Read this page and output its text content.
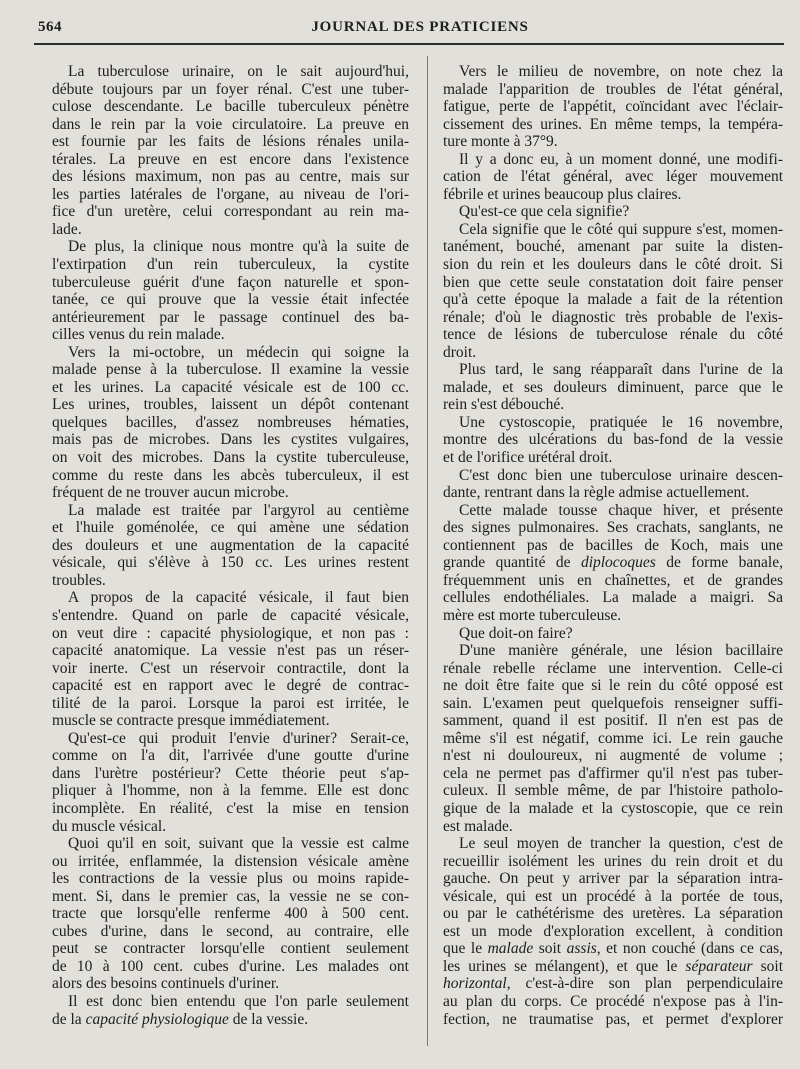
564	JOURNAL DES PRATICIENS
La tuberculose urinaire, on le sait aujourd'hui,
débute toujours par un foyer rénal. C'est une tuber-
culose descendante. Le bacille tuberculeux pénètre
dans le rein par la voie circulatoire. La preuve en
est fournie par les faits de lésions rénales unila-
térales. La preuve en est encore dans l'existence
des lésions maximum, non pas au centre, mais sur
les parties latérales de l'organe, au niveau de l'ori-
fice d'un uretère, celui correspondant au rein ma-
lade.
De plus, la clinique nous montre qu'à la suite de
l'extirpation d'un rein tuberculeux, la cystite
tuberculeuse guérit d'une façon naturelle et spon-
tanée, ce qui prouve que la vessie était infectée
antérieurement par le passage continuel des ba-
cilles venus du rein malade.
Vers la mi-octobre, un médecin qui soigne la
malade pense à la tuberculose. Il examine la vessie
et les urines. La capacité vésicale est de 100 cc.
Les urines, troubles, laissent un dépôt contenant
quelques bacilles, d'assez nombreuses hématies,
mais pas de microbes. Dans les cystites vulgaires,
on voit des microbes. Dans la cystite tuberculeuse,
comme du reste dans les abcès tuberculeux, il est
fréquent de ne trouver aucun microbe.
La malade est traitée par l'argyrol au centième
et l'huile goménolée, ce qui amène une sédation
des douleurs et une augmentation de la capacité
vésicale, qui s'élève à 150 cc. Les urines restent
troubles.
A propos de la capacité vésicale, il faut bien
s'entendre. Quand on parle de capacité vésicale,
on veut dire : capacité physiologique, et non pas :
capacité anatomique. La vessie n'est pas un réser-
voir inerte. C'est un réservoir contractile, dont la
capacité est en rapport avec le degré de contrac-
tilité de la paroi. Lorsque la paroi est irritée, le
muscle se contracte presque immédiatement.
Qu'est-ce qui produit l'envie d'uriner? Serait-ce,
comme on l'a dit, l'arrivée d'une goutte d'urine
dans l'urètre postérieur? Cette théorie peut s'ap-
pliquer à l'homme, non à la femme. Elle est donc
incomplète. En réalité, c'est la mise en tension
du muscle vésical.
Quoi qu'il en soit, suivant que la vessie est calme
ou irritée, enflammée, la distension vésicale amène
les contractions de la vessie plus ou moins rapide-
ment. Si, dans le premier cas, la vessie ne se con-
tracte que lorsqu'elle renferme 400 à 500 cent.
cubes d'urine, dans le second, au contraire, elle
peut se contracter lorsqu'elle contient seulement
de 10 à 100 cent. cubes d'urine. Les malades ont
alors des besoins continuels d'uriner.
Il est donc bien entendu que l'on parle seulement
de la capacité physiologique de la vessie.
Vers le milieu de novembre, on note chez la
malade l'apparition de troubles de l'état général,
fatigue, perte de l'appétit, coïncidant avec l'éclair-
cissement des urines. En même temps, la tempéra-
ture monte à 37°9.
Il y a donc eu, à un moment donné, une modifi-
cation de l'état général, avec léger mouvement
fébrile et urines beaucoup plus claires.
Qu'est-ce que cela signifie?
Cela signifie que le côté qui suppure s'est, momen-
tanément, bouché, amenant par suite la disten-
sion du rein et les douleurs dans le côté droit. Si
bien que cette seule constatation doit faire penser
qu'à cette époque la malade a fait de la rétention
rénale; d'où le diagnostic très probable de l'exis-
tence de lésions de tuberculose rénale du côté
droit.
Plus tard, le sang réapparaît dans l'urine de la
malade, et ses douleurs diminuent, parce que le
rein s'est débouché.
Une cystoscopie, pratiquée le 16 novembre,
montre des ulcérations du bas-fond de la vessie
et de l'orifice urétéral droit.
C'est donc bien une tuberculose urinaire descen-
dante, rentrant dans la règle admise actuellement.
Cette malade tousse chaque hiver, et présente
des signes pulmonaires. Ses crachats, sanglants, ne
contiennent pas de bacilles de Koch, mais une
grande quantité de diplocoques de forme banale,
fréquemment unis en chaînettes, et de grandes
cellules endothéliales. La malade a maigri. Sa
mère est morte tuberculeuse.
Que doit-on faire?
D'une manière générale, une lésion bacillaire
rénale rebelle réclame une intervention. Celle-ci
ne doit être faite que si le rein du côté opposé est
sain. L'examen peut quelquefois renseigner suffi-
samment, quand il est positif. Il n'en est pas de
même s'il est négatif, comme ici. Le rein gauche
n'est ni douloureux, ni augmenté de volume ;
cela ne permet pas d'affirmer qu'il n'est pas tuber-
culeux. Il semble même, de par l'histoire patholo-
gique de la malade et la cystoscopie, que ce rein
est malade.
Le seul moyen de trancher la question, c'est de
recueillir isolément les urines du rein droit et du
gauche. On peut y arriver par la séparation intra-
vésicale, qui est un procédé à la portée de tous,
ou par le cathétérisme des uretères. La séparation
est un mode d'exploration excellent, à condition
que le malade soit assis, et non couché (dans ce cas,
les urines se mélangent), et que le séparateur soit
horizontal, c'est-à-dire son plan perpendiculaire
au plan du corps. Ce procédé n'expose pas à l'in-
fection, ne traumatise pas, et permet d'explorer
